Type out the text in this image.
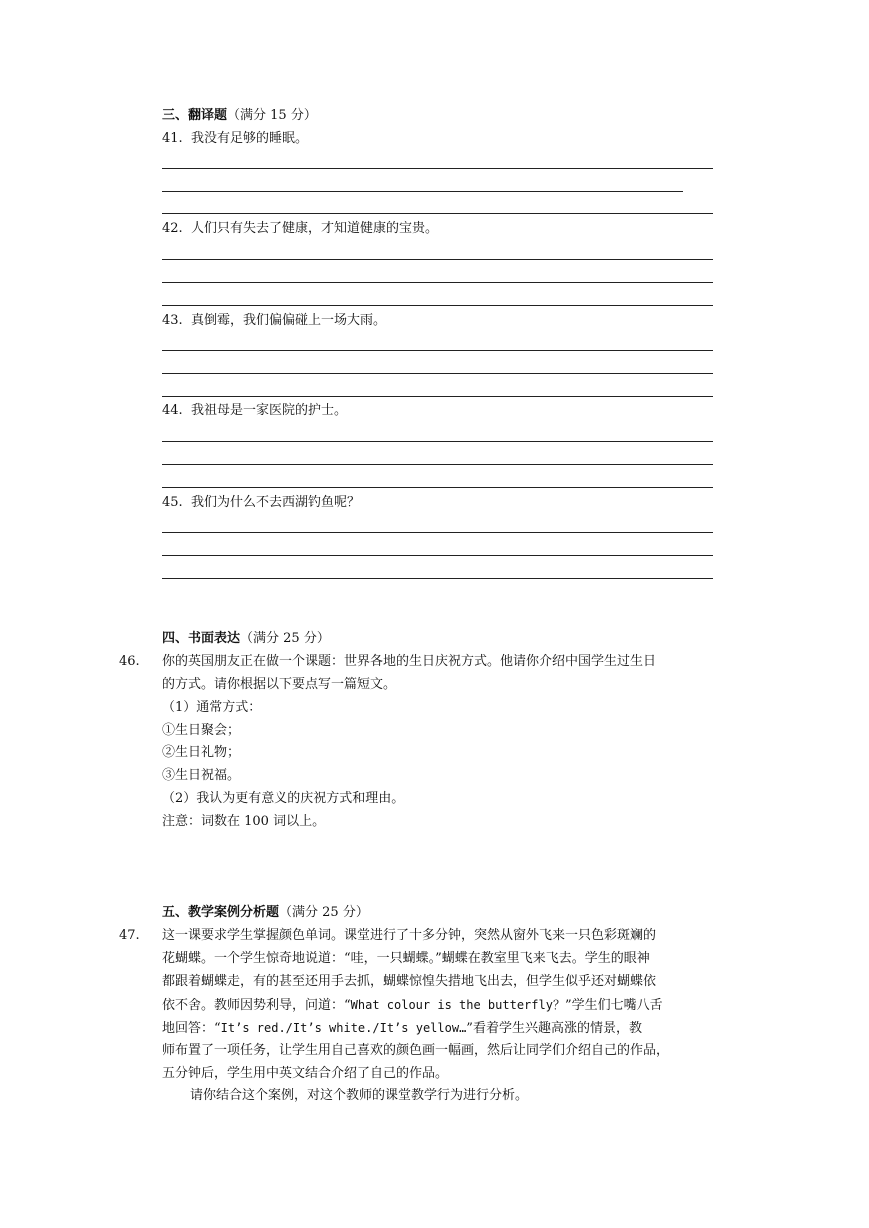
三、翻译题（满分 15 分）
41. 我没有足够的睡眠。
42. 人们只有失去了健康，才知道健康的宝贵。
43. 真倒霉，我们偏偏碰上一场大雨。
44. 我祖母是一家医院的护士。
45. 我们为什么不去西湖钓鱼呢？
四、书面表达（满分 25 分）
46. 你的英国朋友正在做一个课题：世界各地的生日庆祝方式。他请你介绍中国学生过生日
的方式。请你根据以下要点写一篇短文。
（1）通常方式：
①生日聚会；
②生日礼物；
③生日祝福。
（2）我认为更有意义的庆祝方式和理由。
注意：词数在 100 词以上。
五、教学案例分析题（满分 25 分）
47. 这一课要求学生掌握颜色单词。课堂进行了十多分钟，突然从窗外飞来一只色彩斑斓的
花蝴蝶。一个学生惊奇地说道：“哇，一只蝴蝶。”蝴蝶在教室里飞来飞去。学生的眼神
都跟着蝴蝶走，有的甚至还用手去抓，蝴蝶惊惶失措地飞出去，但学生似乎还对蝴蝶依
依不舍。教师因势利导，问道：“What colour is the butterfly？”学生们七嘴八舌
地回答：“It’s red./It’s white./It’s yellow…”看着学生兴趣高涨的情景，教
师布置了一项任务，让学生用自己喜欢的颜色画一幅画，然后让同学们介绍自己的作品，
五分钟后，学生用中英文结合介绍了自己的作品。
请你结合这个案例，对这个教师的课堂教学行为进行分析。
